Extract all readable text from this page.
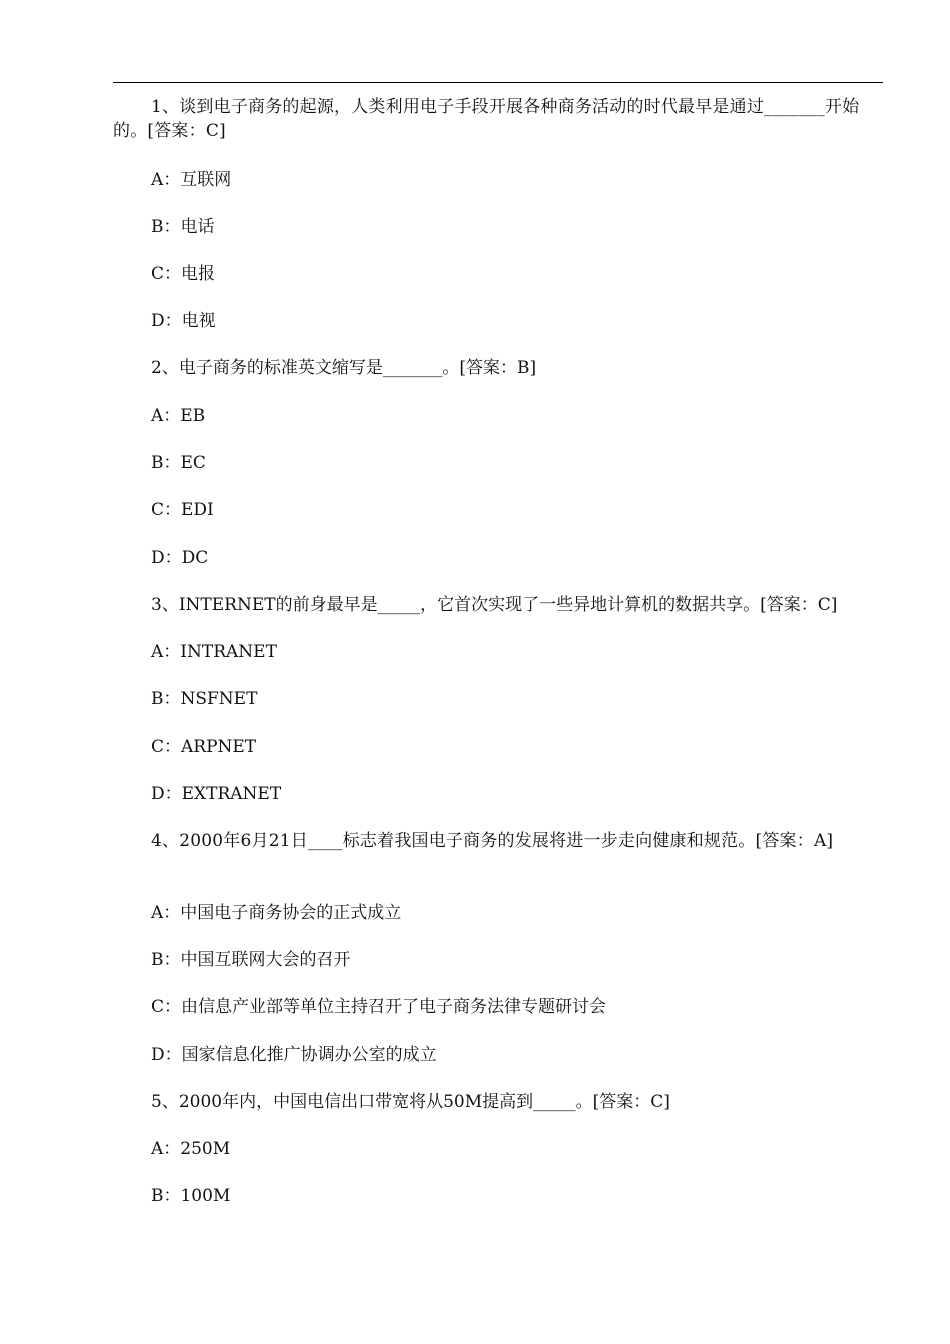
1、谈到电子商务的起源，人类利用电子手段开展各种商务活动的时代最早是通过_______开始的。[答案：C]
A：互联网
B：电话
C：电报
D：电视
2、电子商务的标准英文缩写是_______。[答案：B]
A：EB
B：EC
C：EDI
D：DC
3、INTERNET的前身最早是_____，它首次实现了一些异地计算机的数据共享。[答案：C]
A：INTRANET
B：NSFNET
C：ARPNET
D：EXTRANET
4、2000年6月21日____标志着我国电子商务的发展将进一步走向健康和规范。[答案：A]
A：中国电子商务协会的正式成立
B：中国互联网大会的召开
C：由信息产业部等单位主持召开了电子商务法律专题研讨会
D：国家信息化推广协调办公室的成立
5、2000年内，中国电信出口带宽将从50M提高到_____。[答案：C]
A：250M
B：100M
